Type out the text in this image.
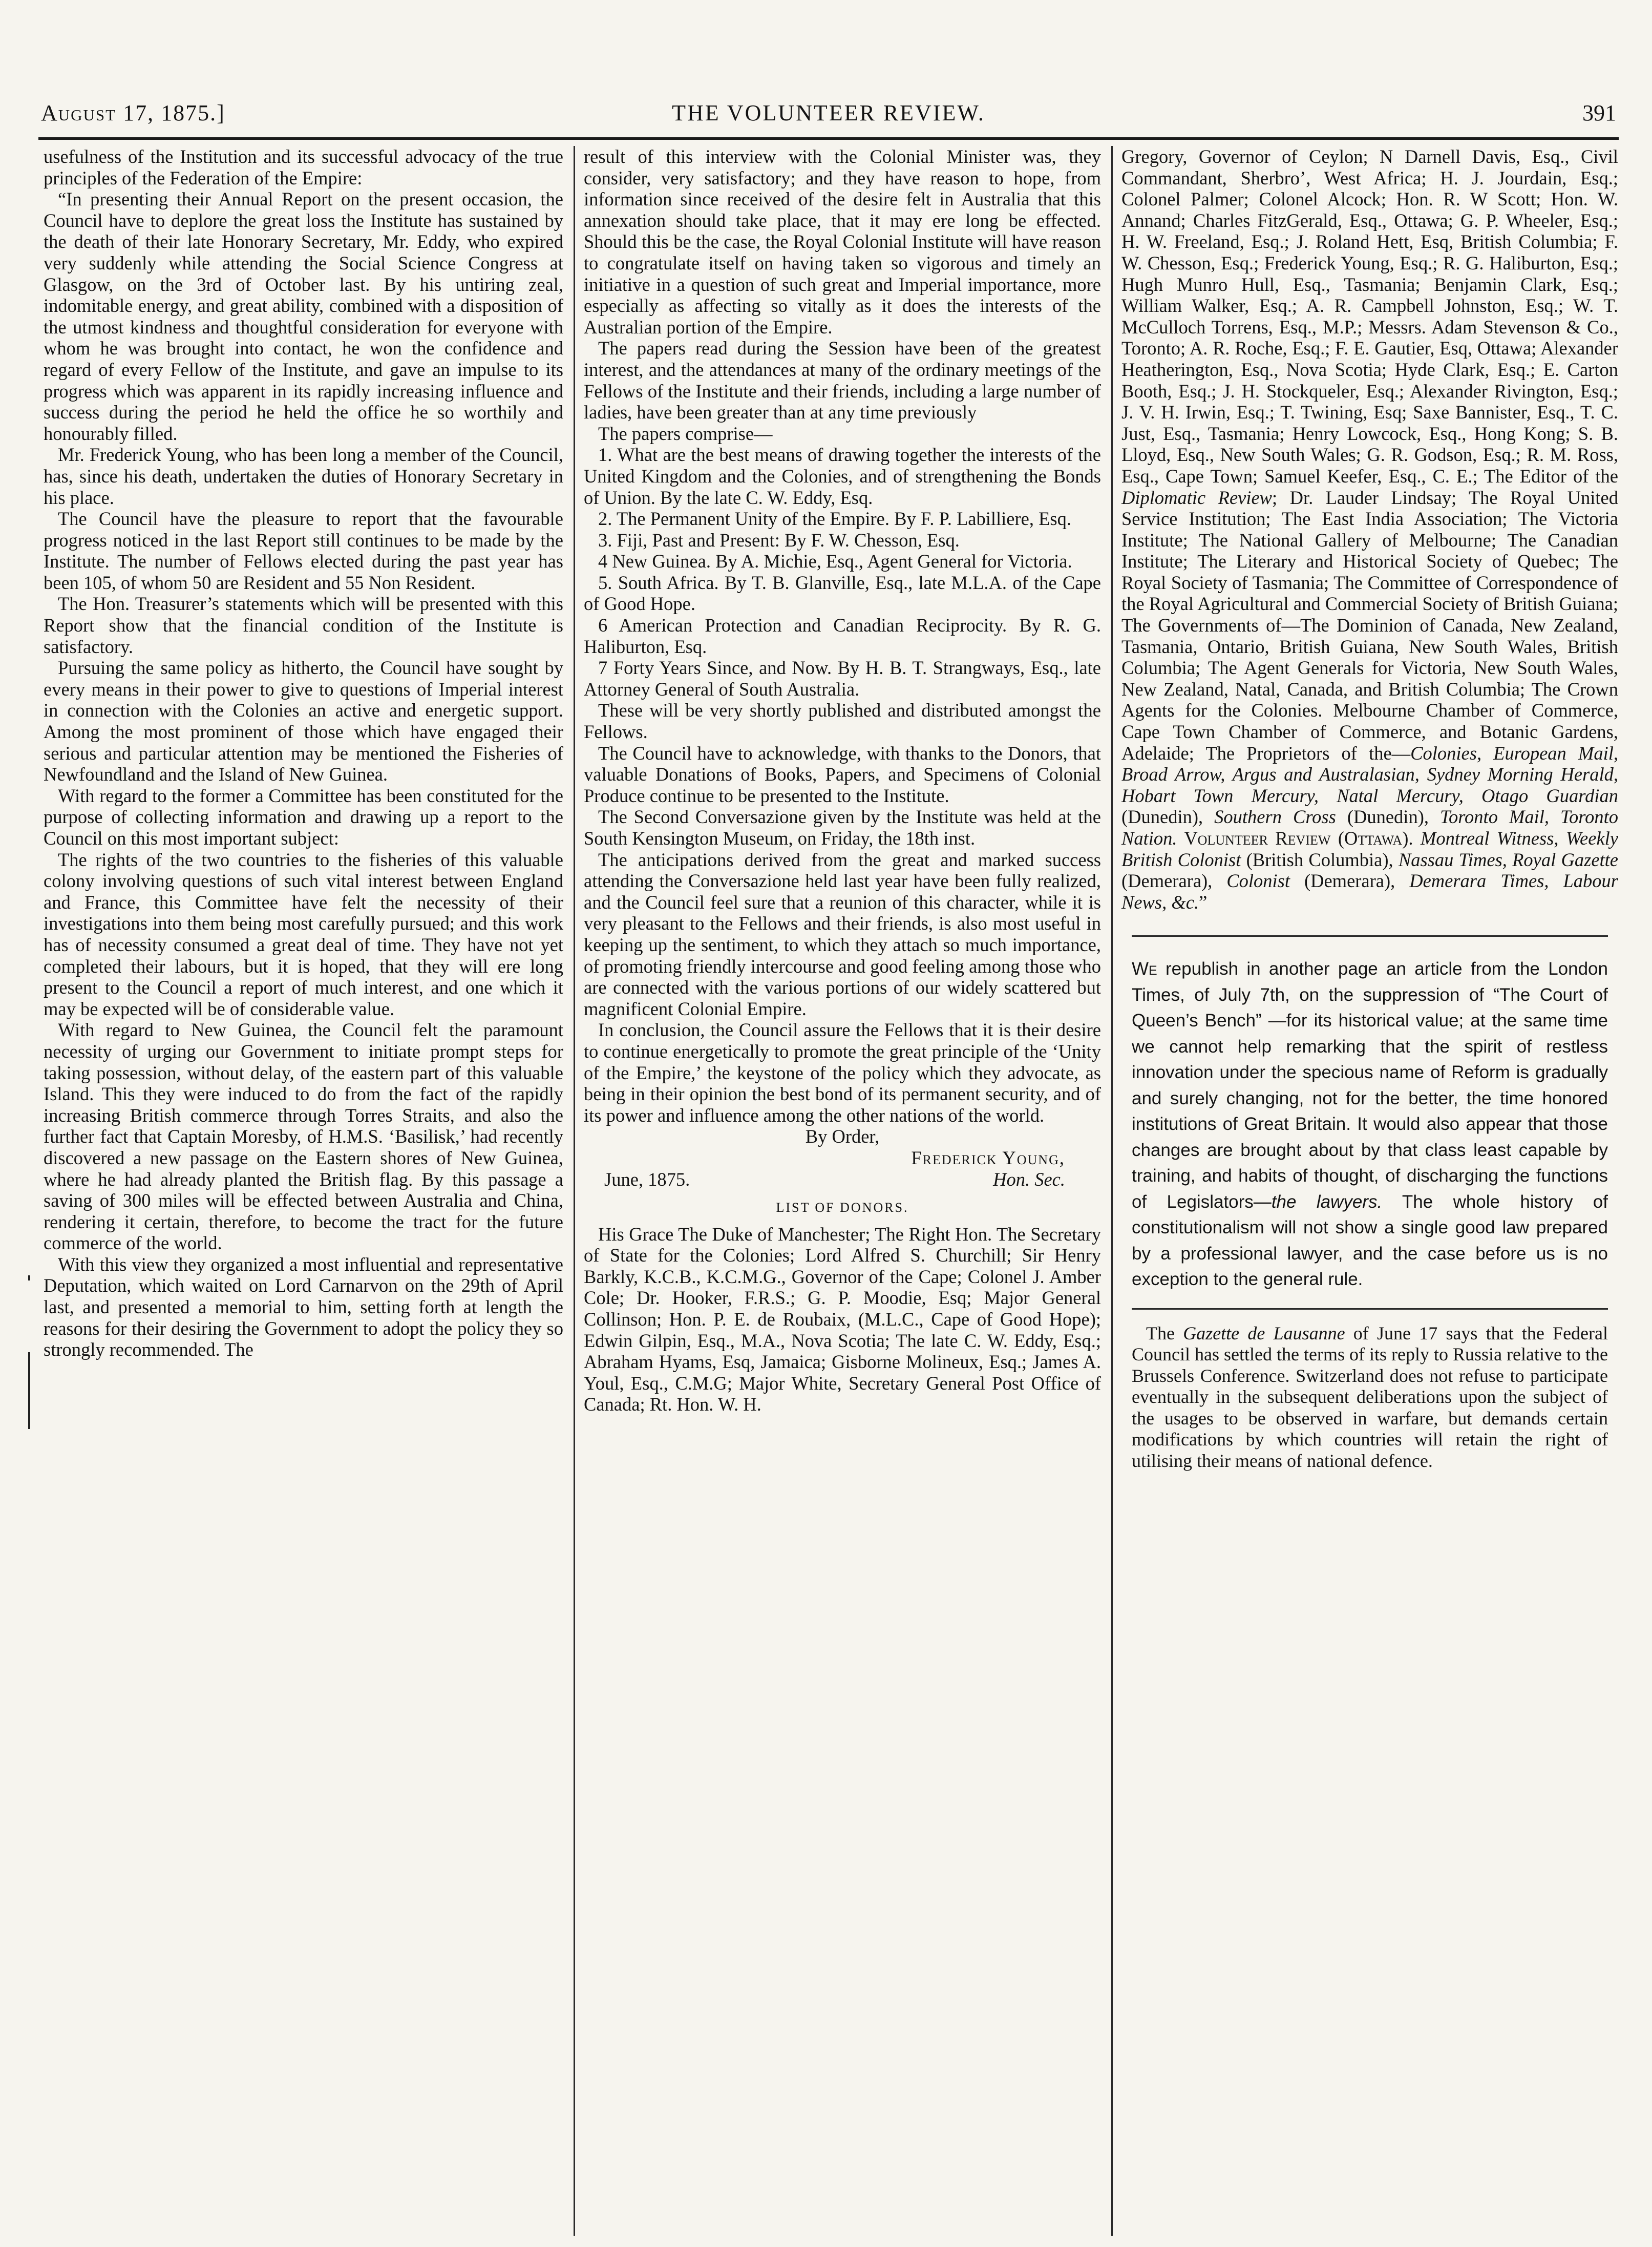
August 17, 1875.]	THE VOLUNTEER REVIEW.	391

usefulness of the Institution and its successful advocacy of the true principles of the Federation of the Empire:

“In presenting their Annual Report on the present occasion, the Council have to deplore the great loss the Institute has sustained by the death of their late Honorary Secretary, Mr. Eddy, who expired very suddenly while attending the Social Science Congress at Glasgow, on the 3rd of October last. By his untiring zeal, indomitable energy, and great ability, combined with a disposition of the utmost kindness and thoughtful consideration for everyone with whom he was brought into contact, he won the confidence and regard of every Fellow of the Institute, and gave an impulse to its progress which was apparent in its rapidly increasing influence and success during the period he held the office he so worthily and honourably filled.

Mr. Frederick Young, who has been long a member of the Council, has, since his death, undertaken the duties of Honorary Secretary in his place.

The Council have the pleasure to report that the favourable progress noticed in the last Report still continues to be made by the Institute. The number of Fellows elected during the past year has been 105, of whom 50 are Resident and 55 Non Resident.

The Hon. Treasurer’s statements which will be presented with this Report show that the financial condition of the Institute is satisfactory.

Pursuing the same policy as hitherto, the Council have sought by every means in their power to give to questions of Imperial interest in connection with the Colonies an active and energetic support. Among the most prominent of those which have engaged their serious and particular attention may be mentioned the Fisheries of Newfoundland and the Island of New Guinea.

With regard to the former a Committee has been constituted for the purpose of collecting information and drawing up a report to the Council on this most important subject:

The rights of the two countries to the fisheries of this valuable colony involving questions of such vital interest between England and France, this Committee have felt the necessity of their investigations into them being most carefully pursued; and this work has of necessity consumed a great deal of time. They have not yet completed their labours, but it is hoped, that they will ere long present to the Council a report of much interest, and one which it may be expected will be of considerable value.

With regard to New Guinea, the Council felt the paramount necessity of urging our Government to initiate prompt steps for taking possession, without delay, of the eastern part of this valuable Island. This they were induced to do from the fact of the rapidly increasing British commerce through Torres Straits, and also the further fact that Captain Moresby, of H.M.S. ‘Basilisk,’ had recently discovered a new passage on the Eastern shores of New Guinea, where he had already planted the British flag. By this passage a saving of 300 miles will be effected between Australia and China, rendering it certain, therefore, to become the tract for the future commerce of the world.

With this view they organized a most influential and representative Deputation, which waited on Lord Carnarvon on the 29th of April last, and presented a memorial to him, setting forth at length the reasons for their desiring the Government to adopt the policy they so strongly recommended. The

result of this interview with the Colonial Minister was, they consider, very satisfactory; and they have reason to hope, from information since received of the desire felt in Australia that this annexation should take place, that it may ere long be effected. Should this be the case, the Royal Colonial Institute will have reason to congratulate itself on having taken so vigorous and timely an initiative in a question of such great and Imperial importance, more especially as affecting so vitally as it does the interests of the Australian portion of the Empire.

The papers read during the Session have been of the greatest interest, and the attendances at many of the ordinary meetings of the Fellows of the Institute and their friends, including a large number of ladies, have been greater than at any time previously

The papers comprise—

1. What are the best means of drawing together the interests of the United Kingdom and the Colonies, and of strengthening the Bonds of Union. By the late C. W. Eddy, Esq.

2. The Permanent Unity of the Empire. By F. P. Labilliere, Esq.

3. Fiji, Past and Present: By F. W. Chesson, Esq.

4 New Guinea. By A. Michie, Esq., Agent General for Victoria.

5. South Africa. By T. B. Glanville, Esq., late M.L.A. of the Cape of Good Hope.

6 American Protection and Canadian Reciprocity. By R. G. Haliburton, Esq.

7 Forty Years Since, and Now. By H. B. T. Strangways, Esq., late Attorney General of South Australia.

These will be very shortly published and distributed amongst the Fellows.

The Council have to acknowledge, with thanks to the Donors, that valuable Donations of Books, Papers, and Specimens of Colonial Produce continue to be presented to the Institute.

The Second Conversazione given by the Institute was held at the South Kensington Museum, on Friday, the 18th inst.

The anticipations derived from the great and marked success attending the Conversazione held last year have been fully realized, and the Council feel sure that a reunion of this character, while it is very pleasant to the Fellows and their friends, is also most useful in keeping up the sentiment, to which they attach so much importance, of promoting friendly intercourse and good feeling among those who are connected with the various portions of our widely scattered but magnificent Colonial Empire.

In conclusion, the Council assure the Fellows that it is their desire to continue energetically to promote the great principle of the ‘Unity of the Empire,’ the keystone of the policy which they advocate, as being in their opinion the best bond of its permanent security, and of its power and influence among the other nations of the world.

By Order,

Frederick Young,

June, 1875.	Hon. Sec.

LIST OF DONORS.

His Grace The Duke of Manchester; The Right Hon. The Secretary of State for the Colonies; Lord Alfred S. Churchill; Sir Henry Barkly, K.C.B., K.C.M.G., Governor of the Cape; Colonel J. Amber Cole; Dr. Hooker, F.R.S.; G. P. Moodie, Esq; Major General Collinson; Hon. P. E. de Roubaix, (M.L.C., Cape of Good Hope); Edwin Gilpin, Esq., M.A., Nova Scotia; The late C. W. Eddy, Esq.; Abraham Hyams, Esq, Jamaica; Gisborne Molineux, Esq.; James A. Youl, Esq., C.M.G; Major White, Secretary General Post Office of Canada; Rt. Hon. W. H.

Gregory, Governor of Ceylon; N Darnell Davis, Esq., Civil Commandant, Sherbro’, West Africa; H. J. Jourdain, Esq.; Colonel Palmer; Colonel Alcock; Hon. R. W Scott; Hon. W. Annand; Charles FitzGerald, Esq., Ottawa; G. P. Wheeler, Esq.; H. W. Freeland, Esq.; J. Roland Hett, Esq, British Columbia; F. W. Chesson, Esq.; Frederick Young, Esq.; R. G. Haliburton, Esq.; Hugh Munro Hull, Esq., Tasmania; Benjamin Clark, Esq.; William Walker, Esq.; A. R. Campbell Johnston, Esq.; W. T. McCulloch Torrens, Esq., M.P.; Messrs. Adam Stevenson & Co., Toronto; A. R. Roche, Esq.; F. E. Gautier, Esq, Ottawa; Alexander Heatherington, Esq., Nova Scotia; Hyde Clark, Esq.; E. Carton Booth, Esq.; J. H. Stockqueler, Esq.; Alexander Rivington, Esq.; J. V. H. Irwin, Esq.; T. Twining, Esq; Saxe Bannister, Esq., T. C. Just, Esq., Tasmania; Henry Lowcock, Esq., Hong Kong; S. B. Lloyd, Esq., New South Wales; G. R. Godson, Esq.; R. M. Ross, Esq., Cape Town; Samuel Keefer, Esq., C. E.; The Editor of the Diplomatic Review; Dr. Lauder Lindsay; The Royal United Service Institution; The East India Association; The Victoria Institute; The National Gallery of Melbourne; The Canadian Institute; The Literary and Historical Society of Quebec; The Royal Society of Tasmania; The Committee of Correspondence of the Royal Agricultural and Commercial Society of British Guiana; The Governments of—The Dominion of Canada, New Zealand, Tasmania, Ontario, British Guiana, New South Wales, British Columbia; The Agent Generals for Victoria, New South Wales, New Zealand, Natal, Canada, and British Columbia; The Crown Agents for the Colonies. Melbourne Chamber of Commerce, Cape Town Chamber of Commerce, and Botanic Gardens, Adelaide; The Proprietors of the—Colonies, European Mail, Broad Arrow, Argus and Australasian, Sydney Morning Herald, Hobart Town Mercury, Natal Mercury, Otago Guardian (Dunedin), Southern Cross (Dunedin), Toronto Mail, Toronto Nation. Volunteer Review (Ottawa). Montreal Witness, Weekly British Colonist (British Columbia), Nassau Times, Royal Gazette (Demerara), Colonist (Demerara), Demerara Times, Labour News, &c.”

We republish in another page an article from the London Times, of July 7th, on the suppression of “The Court of Queen’s Bench” —for its historical value; at the same time we cannot help remarking that the spirit of restless innovation under the specious name of Reform is gradually and surely changing, not for the better, the time honored institutions of Great Britain. It would also appear that those changes are brought about by that class least capable by training, and habits of thought, of discharging the functions of Legislators—the lawyers. The whole history of constitutionalism will not show a single good law prepared by a professional lawyer, and the case before us is no exception to the general rule.

The Gazette de Lausanne of June 17 says that the Federal Council has settled the terms of its reply to Russia relative to the Brussels Conference. Switzerland does not refuse to participate eventually in the subsequent deliberations upon the subject of the usages to be observed in warfare, but demands certain modifications by which countries will retain the right of utilising their means of national defence.
